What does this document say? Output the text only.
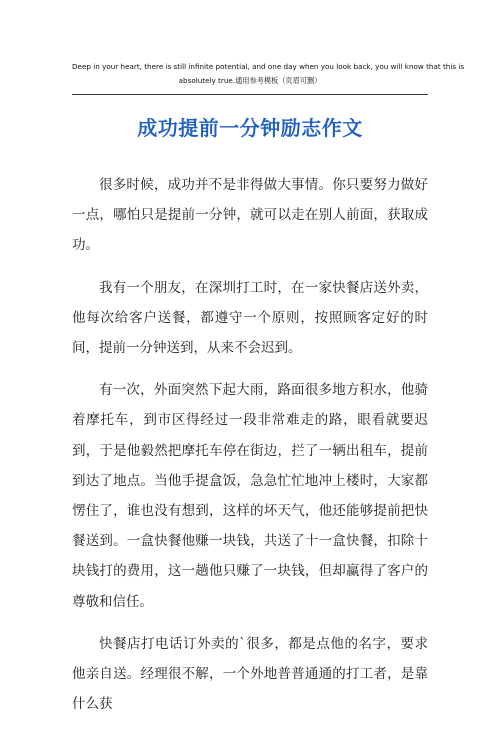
Deep in your heart, there is still infinite potential, and one day when you look back, you will know that this is
absolutely true.通用参考模板（页眉可删）
成功提前一分钟励志作文

很多时候，成功并不是非得做大事情。你只要努力做好一点，哪怕只是提前一分钟，就可以走在别人前面，获取成功。

我有一个朋友，在深圳打工时，在一家快餐店送外卖，他每次给客户送餐，都遵守一个原则，按照顾客定好的时间，提前一分钟送到，从来不会迟到。

有一次，外面突然下起大雨，路面很多地方积水，他骑着摩托车，到市区得经过一段非常难走的路，眼看就要迟到，于是他毅然把摩托车停在街边，拦了一辆出租车，提前到达了地点。当他手提盒饭，急急忙忙地冲上楼时，大家都愣住了，谁也没有想到，这样的坏天气，他还能够提前把快餐送到。一盒快餐他赚一块钱，共送了十一盒快餐，扣除十块钱打的费用，这一趟他只赚了一块钱，但却赢得了客户的尊敬和信任。

快餐店打电话订外卖的`很多，都是点他的名字，要求他亲自送。经理很不解，一个外地普普通通的打工者，是靠什么获
